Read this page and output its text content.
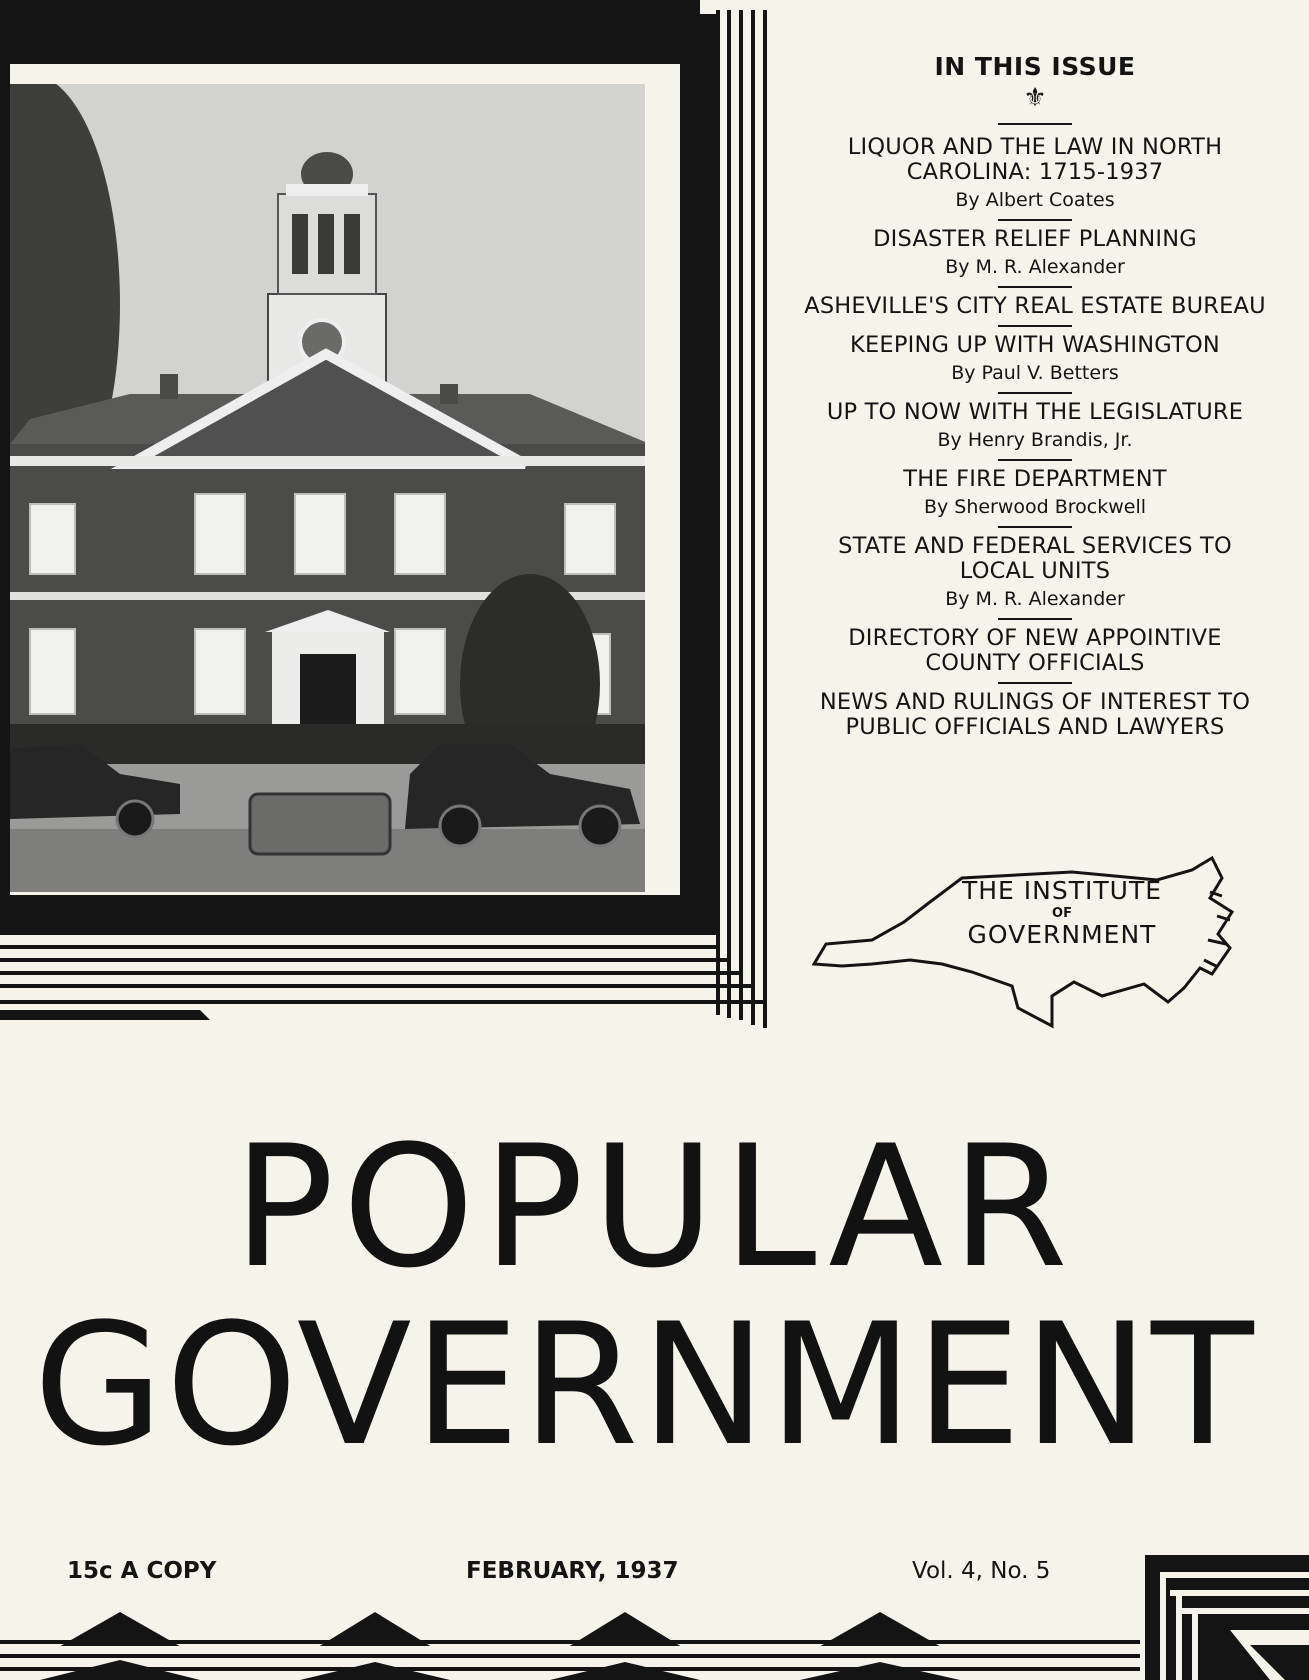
IN THIS ISSUE
⚜
LIQUOR AND THE LAW IN NORTH
CAROLINA: 1715-1937
By Albert Coates
DISASTER RELIEF PLANNING
By M. R. Alexander
ASHEVILLE'S CITY REAL ESTATE BUREAU
KEEPING UP WITH WASHINGTON
By Paul V. Betters
UP TO NOW WITH THE LEGISLATURE
By Henry Brandis, Jr.
THE FIRE DEPARTMENT
By Sherwood Brockwell
STATE AND FEDERAL SERVICES TO
LOCAL UNITS
By M. R. Alexander
DIRECTORY OF NEW APPOINTIVE
COUNTY OFFICIALS
NEWS AND RULINGS OF INTEREST TO
PUBLIC OFFICIALS AND LAWYERS
THE INSTITUTE
OF
GOVERNMENT
POPULAR
GOVERNMENT
15c A COPY	FEBRUARY, 1937	Vol. 4, No. 5
